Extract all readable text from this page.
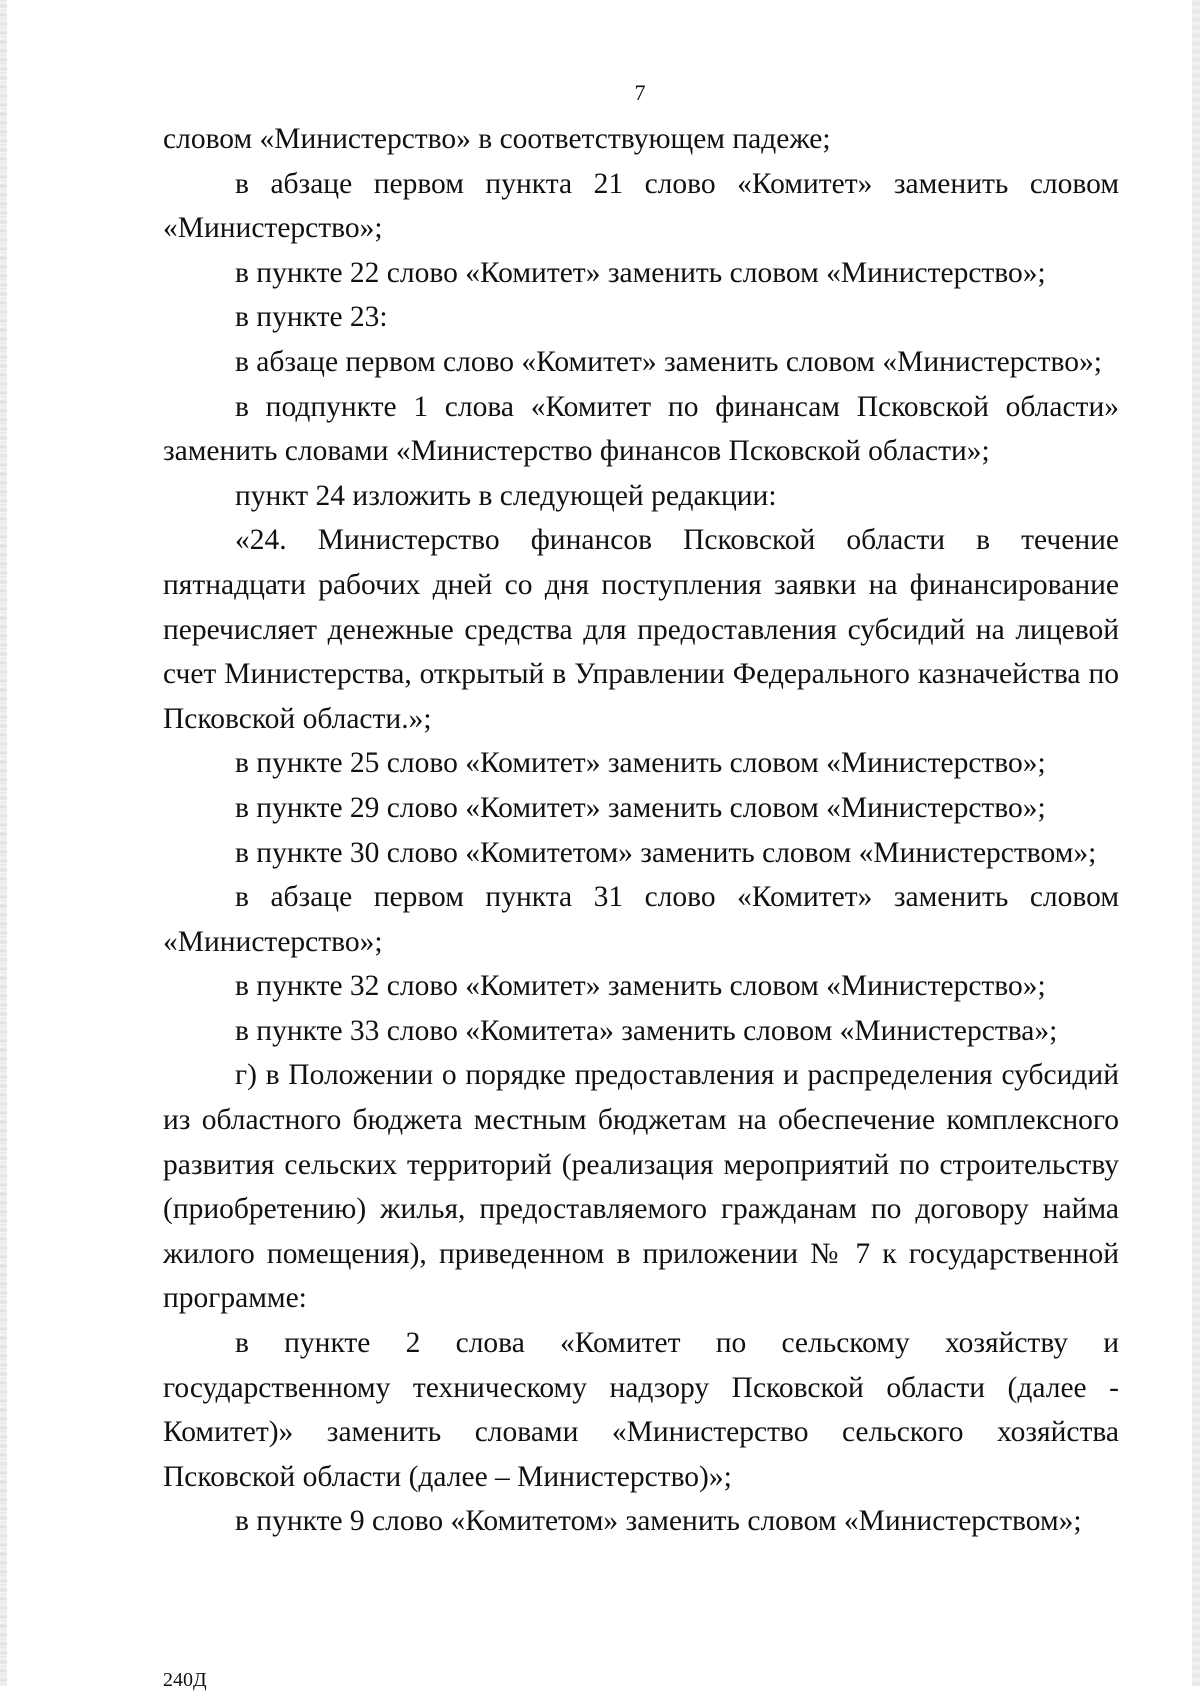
7

словом «Министерство» в соответствующем падеже;

в абзаце первом пункта 21 слово «Комитет» заменить словом «Министерство»;

в пункте 22 слово «Комитет» заменить словом «Министерство»;

в пункте 23:

в абзаце первом слово «Комитет» заменить словом «Министерство»;

в подпункте 1 слова «Комитет по финансам Псковской области» заменить словами «Министерство финансов Псковской области»;

пункт 24 изложить в следующей редакции:

«24. Министерство финансов Псковской области в течение пятнадцати рабочих дней со дня поступления заявки на финансирование перечисляет денежные средства для предоставления субсидий на лицевой счет Министерства, открытый в Управлении Федерального казначейства по Псковской области.»;

в пункте 25 слово «Комитет» заменить словом «Министерство»;

в пункте 29 слово «Комитет» заменить словом «Министерство»;

в пункте 30 слово «Комитетом» заменить словом «Министерством»;

в абзаце первом пункта 31 слово «Комитет» заменить словом «Министерство»;

в пункте 32 слово «Комитет» заменить словом «Министерство»;

в пункте 33 слово «Комитета» заменить словом «Министерства»;

г) в Положении о порядке предоставления и распределения субсидий из областного бюджета местным бюджетам на обеспечение комплексного развития сельских территорий (реализация мероприятий по строительству (приобретению) жилья, предоставляемого гражданам по договору найма жилого помещения), приведенном в приложении № 7 к государственной программе:

в пункте 2 слова «Комитет по сельскому хозяйству и государственному техническому надзору Псковской области (далее - Комитет)» заменить словами «Министерство сельского хозяйства Псковской области (далее – Министерство)»;

в пункте 9 слово «Комитетом» заменить словом «Министерством»;

240Д
